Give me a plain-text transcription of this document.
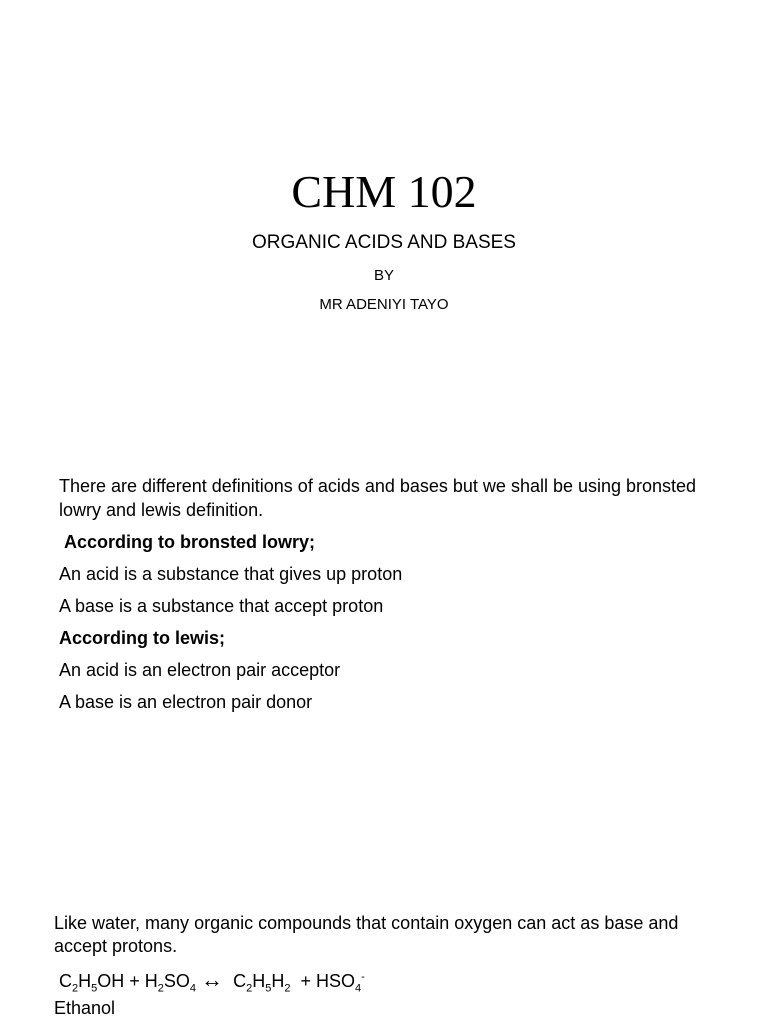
CHM 102
ORGANIC ACIDS AND BASES
BY
MR ADENIYI TAYO

There are different definitions of acids and bases but we shall be using bronsted  lowry and lewis definition.

According to bronsted lowry;

An acid is a substance that gives up proton

A base is a substance that accept proton

According to lewis;

An acid is an electron pair acceptor

A base is an electron pair donor

Like water, many organic compounds that contain oxygen can act as base and accept protons.

$C_2H_5OH + H_2SO_4$ ↔ $C_2H_5H_2 + HSO_4^-$

Ethanol
